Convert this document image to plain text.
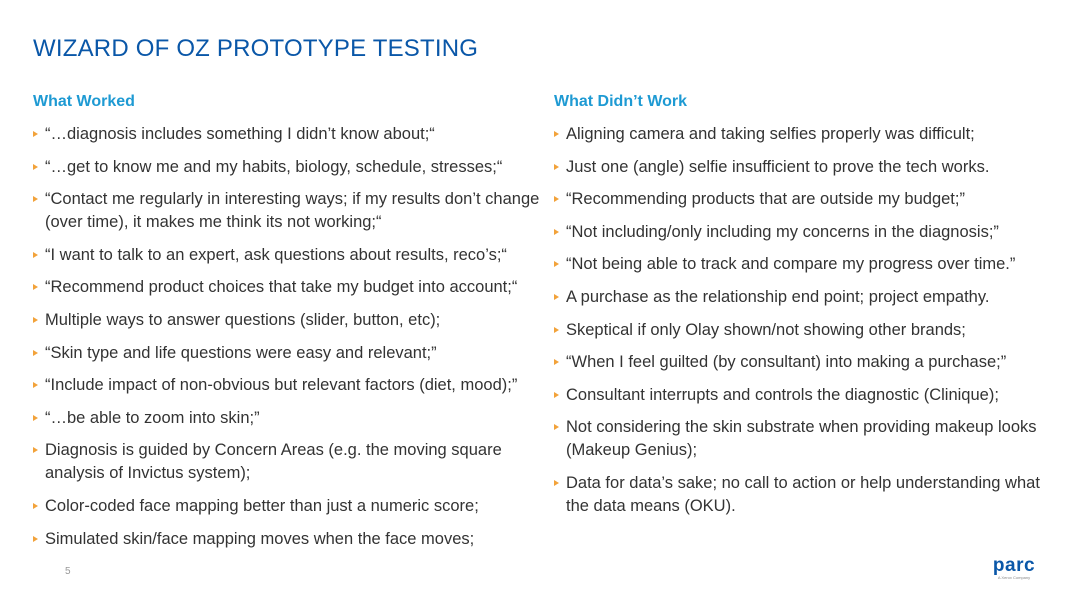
WIZARD OF OZ PROTOTYPE TESTING
What Worked
“…diagnosis includes something I didn’t know about;“
“…get to know me and my habits, biology, schedule, stresses;“
“Contact me regularly in interesting ways; if my results don’t change (over time), it makes me think its not working;“
“I want to talk to an expert, ask questions about results, reco’s;“
“Recommend product choices that take my budget into account;“
Multiple ways to answer questions (slider, button, etc);
“Skin type and life questions were easy and relevant;”
“Include impact of non-obvious but relevant factors (diet, mood);”
“…be able to zoom into skin;”
Diagnosis is guided by Concern Areas (e.g. the moving square analysis of Invictus system);
Color-coded face mapping better than just a numeric score;
Simulated skin/face mapping moves when the face moves;
What Didn’t Work
Aligning camera and taking selfies properly was difficult;
Just one (angle) selfie insufficient to prove the tech works.
“Recommending products that are outside my budget;”
“Not including/only including my concerns in the diagnosis;”
“Not being able to track and compare my progress over time.”
A purchase as the relationship end point; project empathy.
Skeptical if only Olay shown/not showing other brands;
“When I feel guilted (by consultant) into making a purchase;”
Consultant interrupts and controls the diagnostic (Clinique);
Not considering the skin substrate when providing makeup looks (Makeup Genius);
Data for data’s sake; no call to action or help understanding what the data means (OKU).
5	parc
A Xerox Company
